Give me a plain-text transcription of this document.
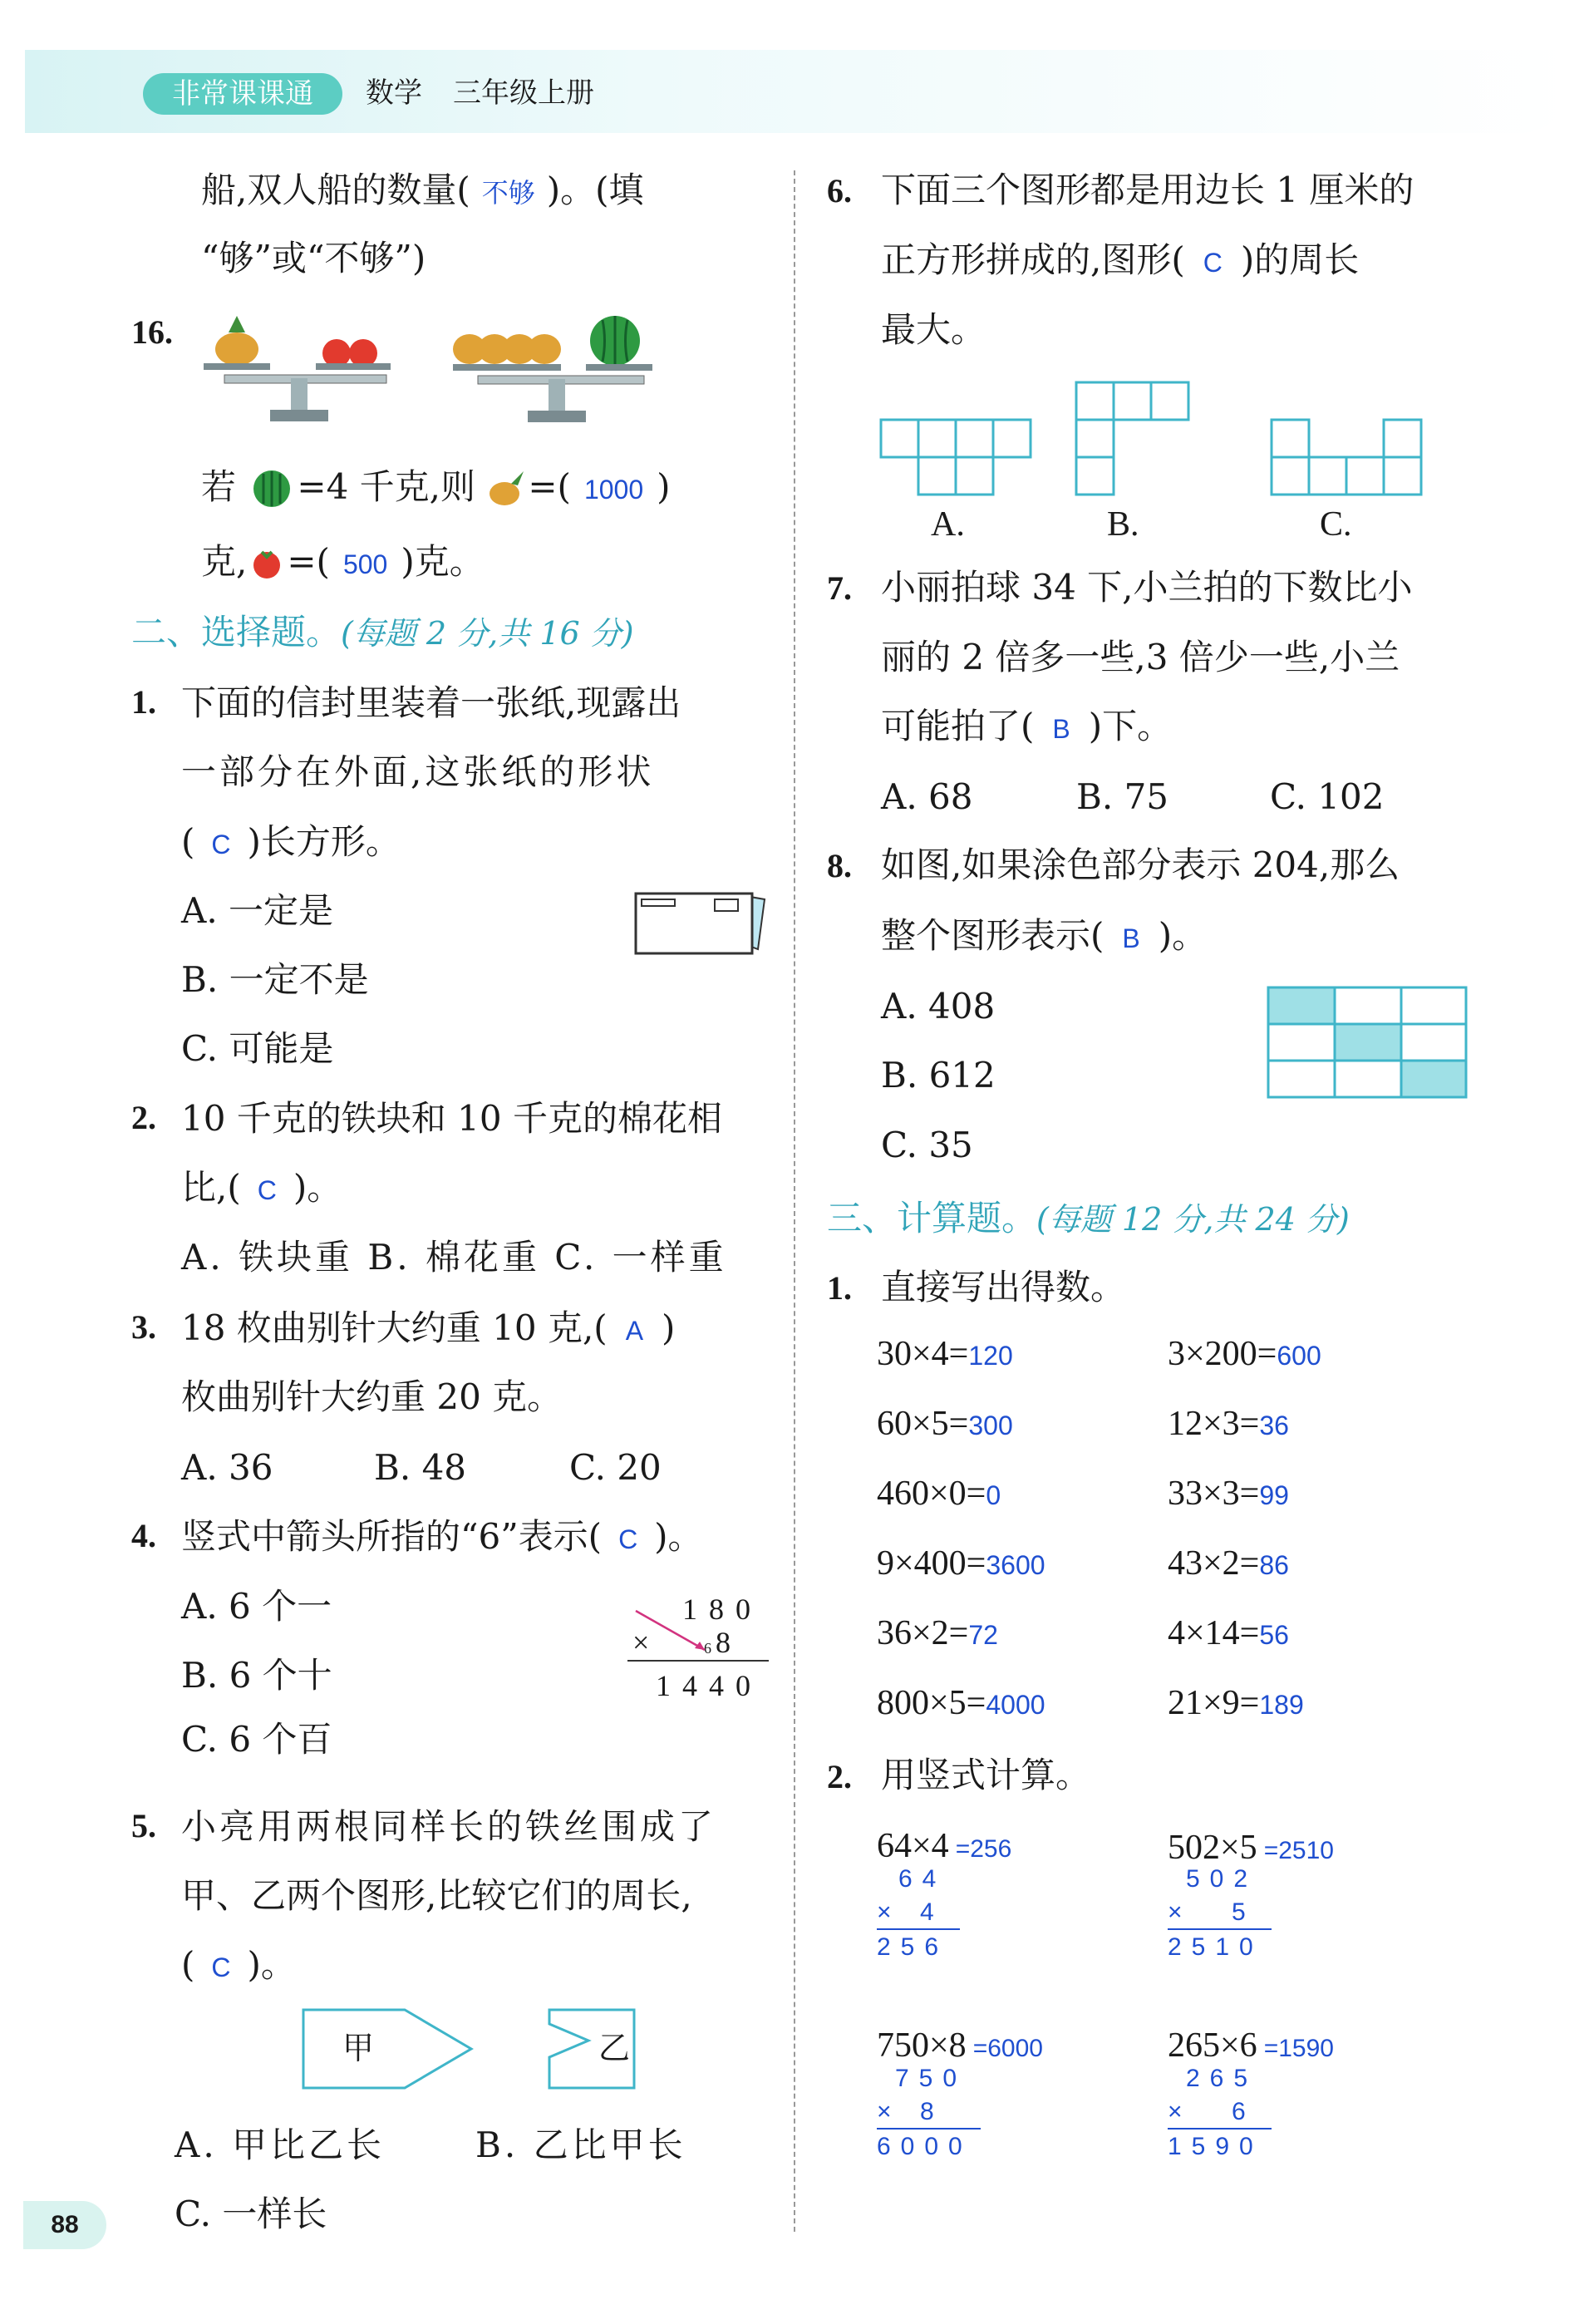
非常课课通	数学 三年级上册
船,双人船的数量( 不够 )。(填
“够”或“不够”)
16.
若 =4 千克,则 =( 1000 )
克, =( 500 )克。
二、选择题。(每题 2 分,共 16 分)
1. 下面的信封里装着一张纸,现露出
一部分在外面,这张纸的形状
( C )长方形。
A. 一定是
B. 一定不是
C. 可能是
2. 10 千克的铁块和 10 千克的棉花相
比,( C )。
A. 铁块重 B. 棉花重 C. 一样重
3. 18 枚曲别针大约重 10 克,( A )
枚曲别针大约重 20 克。
A. 36	B. 48	C. 20
4. 竖式中箭头所指的“6”表示( C )。
A. 6 个一
B. 6 个十
C. 6 个百
180
×	6 8
1440
5. 小亮用两根同样长的铁丝围成了
甲、乙两个图形,比较它们的周长,
( C )。
甲	乙
A. 甲比乙长	B. 乙比甲长
C. 一样长
88
6. 下面三个图形都是用边长 1 厘米的
正方形拼成的,图形( C )的周长
最大。
A.	B.	C.
7. 小丽拍球 34 下,小兰拍的下数比小
丽的 2 倍多一些,3 倍少一些,小兰
可能拍了( B )下。
A. 68	B. 75	C. 102
8. 如图,如果涂色部分表示 204,那么
整个图形表示( B )。
A. 408
B. 612
C. 35
三、计算题。(每题 12 分,共 24 分)
1. 直接写出得数。
30×4=120	3×200=600
60×5=300	12×3=36
460×0=0	33×3=99
9×400=3600	43×2=86
36×2=72	4×14=56
800×5=4000	21×9=189
2. 用竖式计算。
64×4 =256
64
× 4
256
502×5 =2510
502
× 5
2510
750×8 =6000
750
× 8
6000
265×6 =1590
265
× 6
1590
